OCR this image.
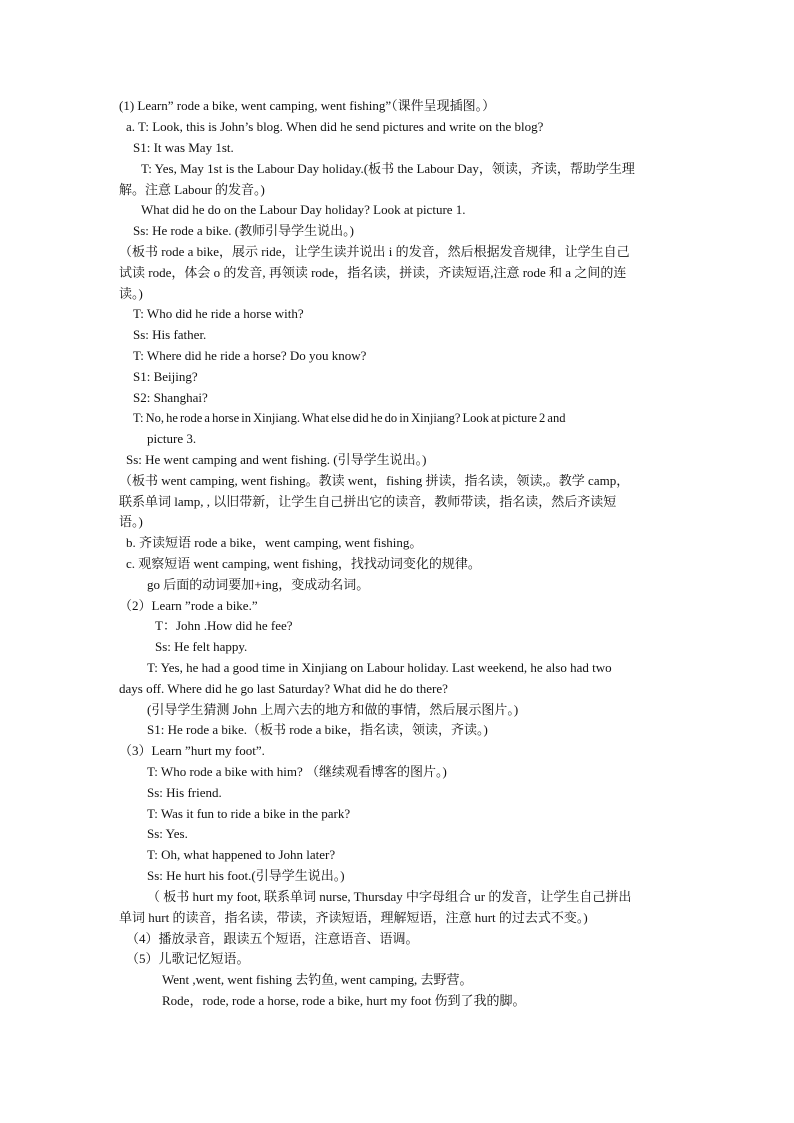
(1) Learn” rode a bike, went camping, went fishing”（课件呈现插图。）

a. T: Look, this is John’s blog. When did he send pictures and write on the blog?

S1: It was May 1st.

T: Yes, May 1st is the Labour Day holiday.(板书 the Labour Day，领读，齐读，帮助学生理

解。注意 Labour 的发音。)

What did he do on the Labour Day holiday? Look at picture 1.

Ss: He rode a bike. (教师引导学生说出。)

（板书 rode a bike，展示 ride，让学生读并说出 i 的发音，然后根据发音规律，让学生自己

试读 rode，体会 o 的发音, 再领读 rode，指名读，拼读，齐读短语,注意 rode 和 a 之间的连

读。)

T: Who did he ride a horse with?

Ss: His father.

T: Where did he ride a horse? Do you know?

S1: Beijing?

S2: Shanghai?

T: No, he rode a horse in Xinjiang. What else did he do in Xinjiang? Look at picture 2 and

picture 3.

Ss: He went camping and went fishing. (引导学生说出。)

（板书 went camping, went fishing。教读 went，fishing 拼读，指名读，领读,。教学 camp，

联系单词 lamp, , 以旧带新，让学生自己拼出它的读音，教师带读，指名读，然后齐读短

语。)

b. 齐读短语 rode a bike，went camping, went fishing。

c. 观察短语 went camping, went fishing，找找动词变化的规律。

go 后面的动词要加+ing，变成动名词。

（2）Learn ”rode a bike.”

T：John .How did he fee?

Ss: He felt happy.

T: Yes, he had a good time in Xinjiang on Labour holiday. Last weekend, he also had two

days off. Where did he go last Saturday? What did he do there?

(引导学生猜测 John 上周六去的地方和做的事情，然后展示图片。)

S1: He rode a bike.（板书 rode a bike，指名读，领读，齐读。)

（3）Learn ”hurt my foot”.

T: Who rode a bike with him? （继续观看博客的图片。)

Ss: His friend.

T: Was it fun to ride a bike in the park?

Ss: Yes.

T: Oh, what happened to John later?

Ss: He hurt his foot.(引导学生说出。)

（ 板书 hurt my foot, 联系单词 nurse, Thursday 中字母组合 ur 的发音，让学生自己拼出

单词 hurt 的读音，指名读，带读，齐读短语，理解短语，注意 hurt 的过去式不变。)

（4）播放录音，跟读五个短语，注意语音、语调。

（5）儿歌记忆短语。

Went ,went, went fishing 去钓鱼, went camping, 去野营。

Rode，rode, rode a horse, rode a bike, hurt my foot 伤到了我的脚。
